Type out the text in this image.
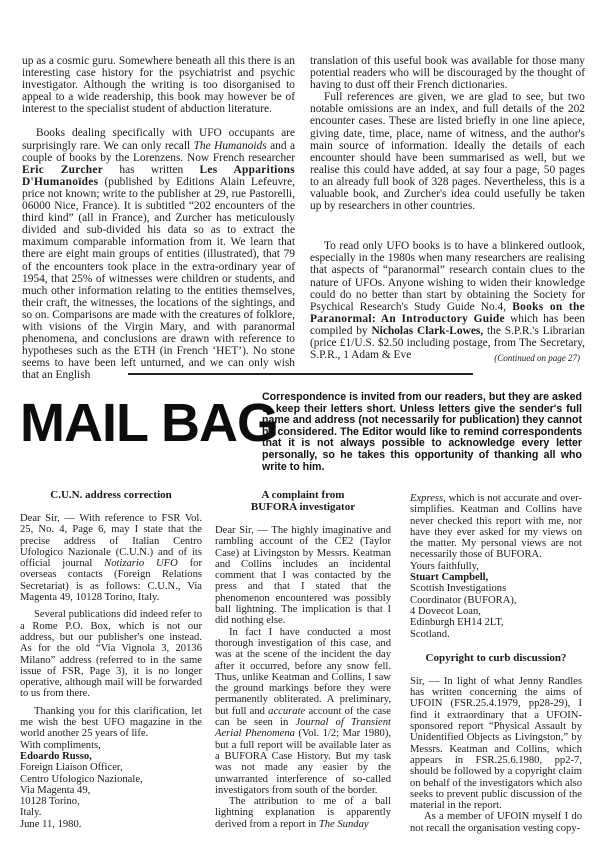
up as a cosmic guru. Somewhere beneath all this there is an interesting case history for the psychiatrist and psychic investigator. Although the writing is too disorganised to appeal to a wide readership, this book may however be of interest to the specialist student of abduction literature.

Books dealing specifically with UFO occupants are surprisingly rare. We can only recall The Humanoids and a couple of books by the Lorenzens. Now French researcher Eric Zurcher has written Les Apparitions D'Humanoïdes (published by Editions Alain Lefeuvre, price not known; write to the publisher at 29, rue Pastorelli, 06000 Nice, France). It is subtitled “202 encounters of the third kind” (all in France), and Zurcher has meticulously divided and sub-divided his data so as to extract the maximum comparable information from it. We learn that there are eight main groups of entities (illustrated), that 79 of the encounters took place in the extra-ordinary year of 1954, that 25% of witnesses were children or students, and much other information relating to the entities themselves, their craft, the witnesses, the locations of the sightings, and so on. Comparisons are made with the creatures of folklore, with visions of the Virgin Mary, and with paranormal phenomena, and conclusions are drawn with reference to hypotheses such as the ETH (in French ‘HET’). No stone seems to have been left unturned, and we can only wish that an English

translation of this useful book was available for those many potential readers who will be discouraged by the thought of having to dust off their French dictionaries.

Full references are given, we are glad to see, but two notable omissions are an index, and full details of the 202 encounter cases. These are listed briefly in one line apiece, giving date, time, place, name of witness, and the author's main source of information. Ideally the details of each encounter should have been summarised as well, but we realise this could have added, at say four a page, 50 pages to an already full book of 328 pages. Nevertheless, this is a valuable book, and Zurcher's idea could usefully be taken up by researchers in other countries.

To read only UFO books is to have a blinkered outlook, especially in the 1980s when many researchers are realising that aspects of “paranormal” research contain clues to the nature of UFOs. Anyone wishing to widen their knowledge could do no better than start by obtaining the Society for Psychical Research's Study Guide No.4, Books on the Paranormal: An Introductory Guide which has been compiled by Nicholas Clark-Lowes, the S.P.R.'s Librarian (price £1/U.S. $2.50 including postage, from The Secretary, S.P.R., 1 Adam & Eve	(Continued on page 27)
MAIL BAG
Correspondence is invited from our readers, but they are asked to keep their letters short. Unless letters give the sender's full name and address (not necessarily for publication) they cannot be considered. The Editor would like to remind correspondents that it is not always possible to acknowledge every letter personally, so he takes this opportunity of thanking all who write to him.

C.U.N. address correction

Dear Sir, — With reference to FSR Vol. 25, No. 4, Page 6, may I state that the precise address of Italian Centro Ufologico Nazionale (C.U.N.) and of its official journal Notizario UFO for overseas contacts (Foreign Relations Secretariat) is as follows: C.U.N., Via Magenta 49, 10128 Torino, Italy.

Several publications did indeed refer to a Rome P.O. Box, which is not our address, but our publisher's one instead. As for the old “Via Vignola 3, 20136 Milano” address (referred to in the same issue of FSR, Page 3), it is no longer operative, although mail will be forwarded to us from there.

Thanking you for this clarification, let me wish the best UFO magazine in the world another 25 years of life.

With compliments,

Edoardo Russo,

Foreign Liaison Officer,

Centro Ufologico Nazionale,

Via Magenta 49,

10128 Torino,

Italy.

June 11, 1980.

A complaint from
BUFORA investigator

Dear Sir, — The highly imaginative and rambling account of the CE2 (Taylor Case) at Livingston by Messrs. Keatman and Collins includes an incidental comment that I was contacted by the press and that I stated that the phenomenon encountered was possibly ball lightning. The implication is that I did nothing else.

In fact I have conducted a most thorough investigation of this case, and was at the scene of the incident the day after it occurred, before any snow fell. Thus, unlike Keatman and Collins, I saw the ground markings before they were permanently obliterated. A preliminary, but full and accurate account of the case can be seen in Journal of Transient Aerial Phenomena (Vol. 1/2; Mar 1980), but a full report will be available later as a BUFORA Case History. But my task was not made any easier by the unwarranted interference of so-called investigators from south of the border.

The attribution to me of a ball lightning explanation is apparently derived from a report in The Sunday

Express, which is not accurate and over-simplifies. Keatman and Collins have never checked this report with me, nor have they ever asked for my views on the matter. My personal views are not necessarily those of BUFORA.

Yours faithfully,

Stuart Campbell,

Scottish Investigations

Coordinator (BUFORA),

4 Dovecot Loan,

Edinburgh EH14 2LT,

Scotland.

Copyright to curb discussion?

Sir, — In light of what Jenny Randles has written concerning the aims of UFOIN (FSR.25.4.1979, pp28-29), I find it extraordinary that a UFOIN-sponsored report “Physical Assault by Unidentified Objects as Livingston,” by Messrs. Keatman and Collins, which appears in FSR.25.6.1980, pp2-7, should be followed by a copyright claim on behalf of the investigators which also seeks to prevent public discussion of the material in the report.

As a member of UFOIN myself I do not recall the organisation vesting copy-
